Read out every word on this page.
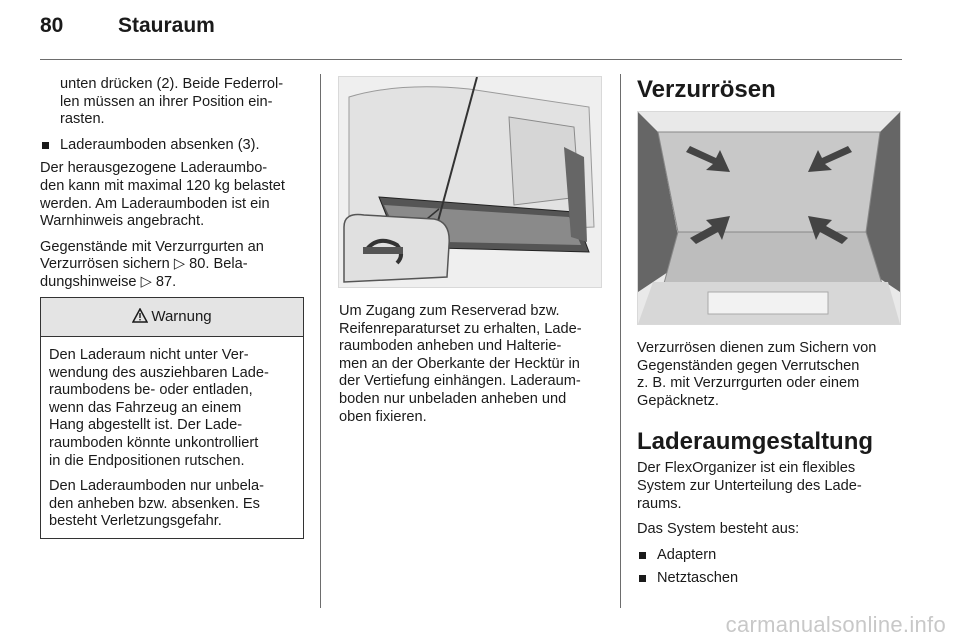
80	Stauraum

unten drücken (2). Beide Federrol-
len müssen an ihrer Position ein-
rasten.

Laderaumboden absenken (3).

Der herausgezogene Laderaumbo-
den kann mit maximal 120 kg belastet
werden. Am Laderaumboden ist ein
Warnhinweis angebracht.

Gegenstände mit Verzurrgurten an
Verzurrösen sichern ▷ 80. Bela-
dungshinweise ▷ 87.

Warnung

Den Laderaum nicht unter Ver-
wendung des ausziehbaren Lade-
raumbodens be- oder entladen,
wenn das Fahrzeug an einem
Hang abgestellt ist. Der Lade-
raumboden könnte unkontrolliert
in die Endpositionen rutschen.

Den Laderaumboden nur unbela-
den anheben bzw. absenken. Es
besteht Verletzungsgefahr.

Um Zugang zum Reserverad bzw.
Reifenreparaturset zu erhalten, Lade-
raumboden anheben und Halterie-
men an der Oberkante der Hecktür in
der Vertiefung einhängen. Laderaum-
boden nur unbeladen anheben und
oben fixieren.

Verzurrösen

Verzurrösen dienen zum Sichern von
Gegenständen gegen Verrutschen
z. B. mit Verzurrgurten oder einem
Gepäcknetz.

Laderaumgestaltung

Der FlexOrganizer ist ein flexibles
System zur Unterteilung des Lade-
raums.

Das System besteht aus:

Adaptern
Netztaschen
carmanualsonline.info
